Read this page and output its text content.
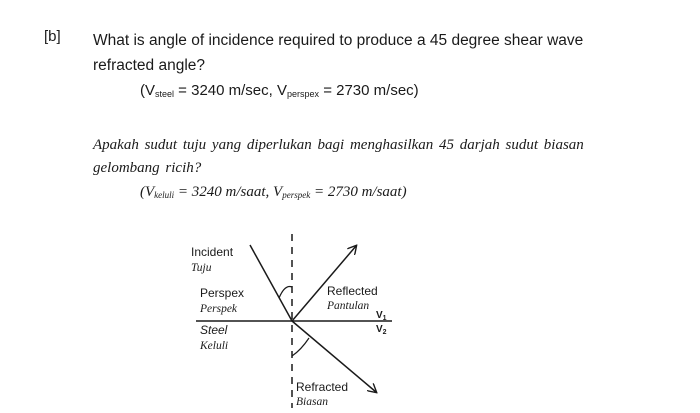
[b] What is angle of incidence required to produce a 45 degree shear wave refracted angle?
($V_{steel} = 3240$ m/sec, $V_{perspex} = 2730$ m/sec)
Apakah sudut tuju yang diperlukan bagi menghasilkan 45 darjah sudut biasan gelombang ricih?
($V_{keluli} = 3240$ m/saat, $V_{perspek} = 2730$ m/saat)
Incident
Tuju
Perspex
Perspek
Steel
Keluli
Reflected
Pantulan
Refracted
Biasan
$V_1$
$V_2$
